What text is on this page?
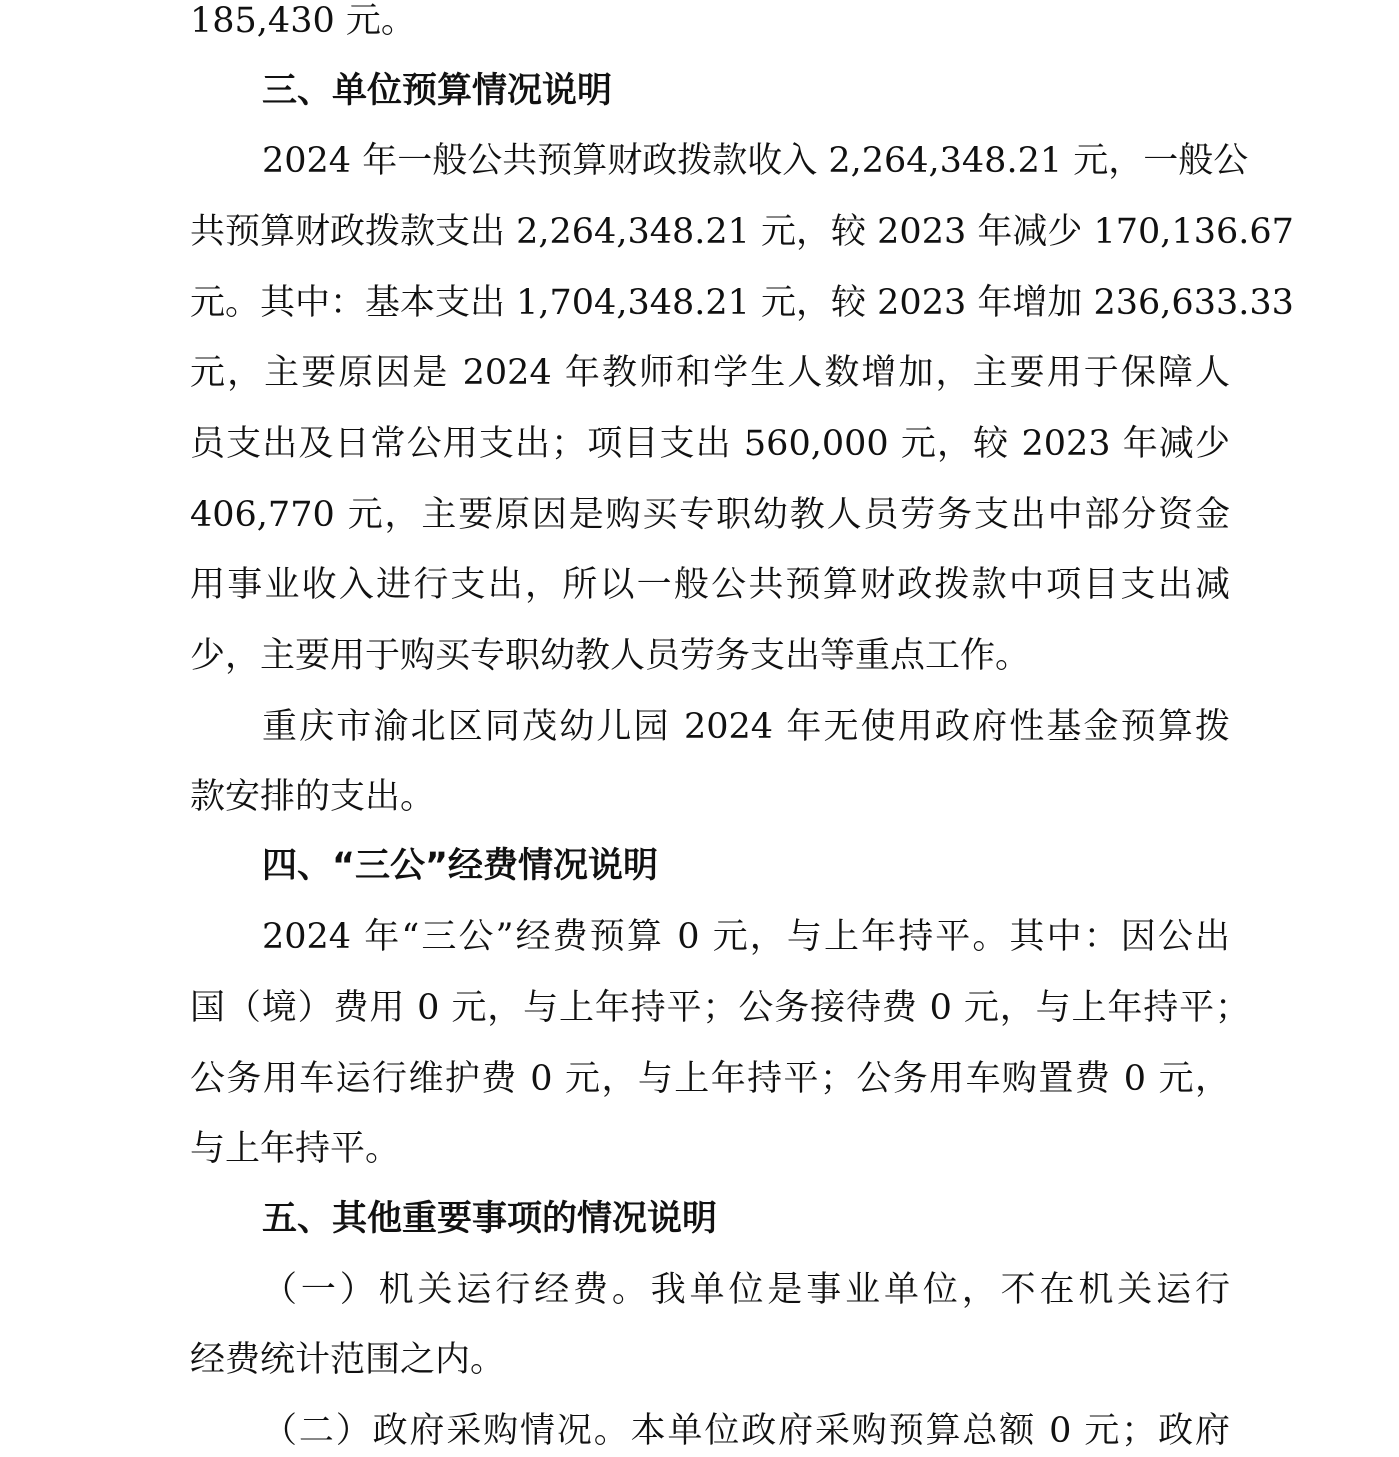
185,430 元。
三、单位预算情况说明
2024 年一般公共预算财政拨款收入 2,264,348.21 元，一般公
共预算财政拨款支出 2,264,348.21 元，较 2023 年减少 170,136.67
元。其中：基本支出 1,704,348.21 元，较 2023 年增加 236,633.33
元，主要原因是 2024 年教师和学生人数增加，主要用于保障人
员支出及日常公用支出；项目支出 560,000 元，较 2023 年减少
406,770 元，主要原因是购买专职幼教人员劳务支出中部分资金
用事业收入进行支出，所以一般公共预算财政拨款中项目支出减
少，主要用于购买专职幼教人员劳务支出等重点工作。
重庆市渝北区同茂幼儿园 2024 年无使用政府性基金预算拨
款安排的支出。
四、“三公”经费情况说明
2024 年“三公”经费预算 0 元，与上年持平。其中：因公出
国（境）费用 0 元，与上年持平；公务接待费 0 元，与上年持平；
公务用车运行维护费 0 元，与上年持平；公务用车购置费 0 元，
与上年持平。
五、其他重要事项的情况说明
（一）机关运行经费。我单位是事业单位，不在机关运行
经费统计范围之内。
（二）政府采购情况。本单位政府采购预算总额 0 元；政府
